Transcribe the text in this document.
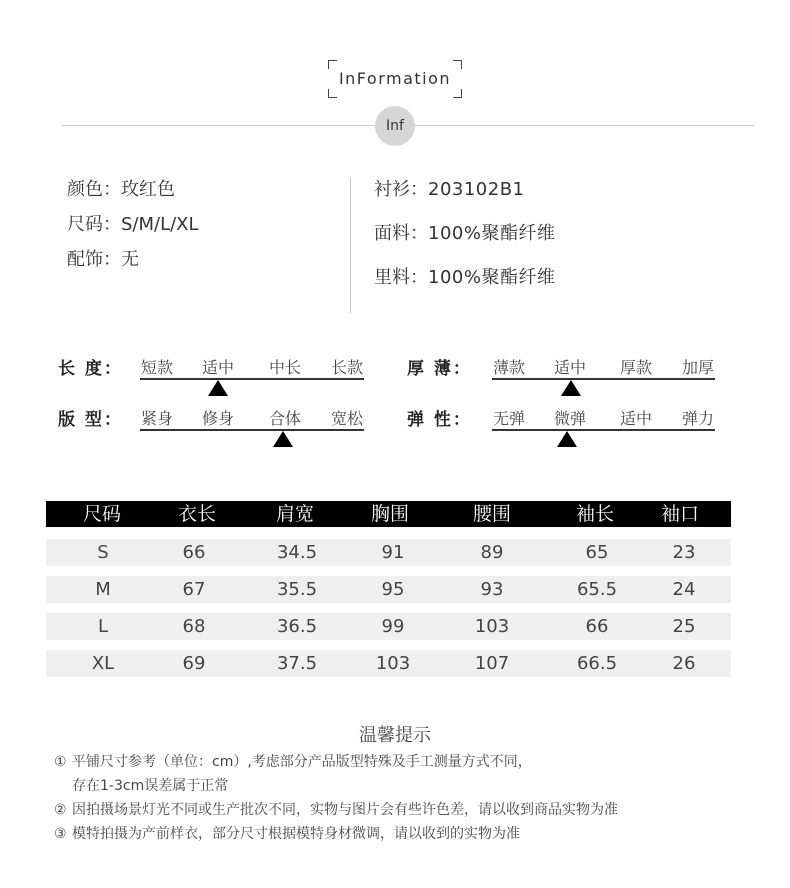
InFormation
Inf
颜色：玫红色
尺码：S/M/L/XL
配饰：无
衬衫：203102B1
面料：100%聚酯纤维
里料：100%聚酯纤维
长 度： 短款 适中 中长 长款	厚 薄： 薄款 适中 厚款 加厚
版 型： 紧身 修身 合体 宽松	弹 性： 无弹 微弹 适中 弹力
尺码	衣长	肩宽	胸围	腰围	袖长 袖口
S	66	34.5	91	89	65	23
M	67	35.5	95	93	65.5	24
L	68	36.5	99	103	66	25
XL	69	37.5	103	107	66.5	26
温馨提示
① 平铺尺寸参考（单位：cm）,考虑部分产品版型特殊及手工测量方式不同，
存在1-3cm误差属于正常
② 因拍摄场景灯光不同或生产批次不同，实物与图片会有些许色差，请以收到商品实物为准
③ 模特拍摄为产前样衣，部分尺寸根据模特身材微调，请以收到的实物为准
